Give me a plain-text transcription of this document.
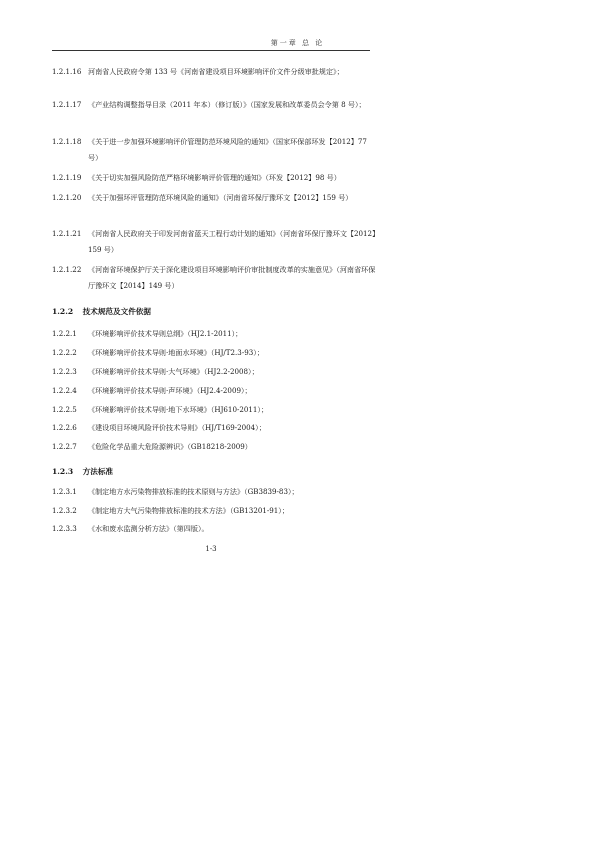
第一章 总 论
1.2.1.16 河南省人民政府令第 133 号《河南省建设项目环境影响评价文件分级审批规定》；
1.2.1.17 《产业结构调整指导目录（2011 年本）（修订版）》（国家发展和改革委员会令第 8 号）；
1.2.1.18 《关于进一步加强环境影响评价管理防范环境风险的通知》（国家环保部环发【2012】77 号）
1.2.1.19 《关于切实加强风险防范严格环境影响评价管理的通知》（环发【2012】98 号）
1.2.1.20 《关于加强环评管理防范环境风险的通知》（河南省环保厅豫环文【2012】159 号）
1.2.1.21 《河南省人民政府关于印发河南省蓝天工程行动计划的通知》（河南省环保厅豫环文【2012】159 号）
1.2.1.22 《河南省环境保护厅关于深化建设项目环境影响评价审批制度改革的实施意见》（河南省环保厅豫环文【2014】149 号）
1.2.2 技术规范及文件依据
1.2.2.1 《环境影响评价技术导则总纲》（HJ2.1-2011）；
1.2.2.2 《环境影响评价技术导则·地面水环境》（HJ/T2.3-93）；
1.2.2.3 《环境影响评价技术导则·大气环境》（HJ2.2-2008）；
1.2.2.4 《环境影响评价技术导则·声环境》（HJ2.4-2009）；
1.2.2.5 《环境影响评价技术导则·地下水环境》（HJ610-2011）；
1.2.2.6 《建设项目环境风险评价技术导则》（HJ/T169-2004）；
1.2.2.7 《危险化学品重大危险源辨识》（GB18218-2009）
1.2.3 方法标准
1.2.3.1 《制定地方水污染物排放标准的技术原则与方法》（GB3839-83）；
1.2.3.2 《制定地方大气污染物排放标准的技术方法》（GB13201-91）；
1.2.3.3 《水和废水监测分析方法》（第四版）。
1-3
